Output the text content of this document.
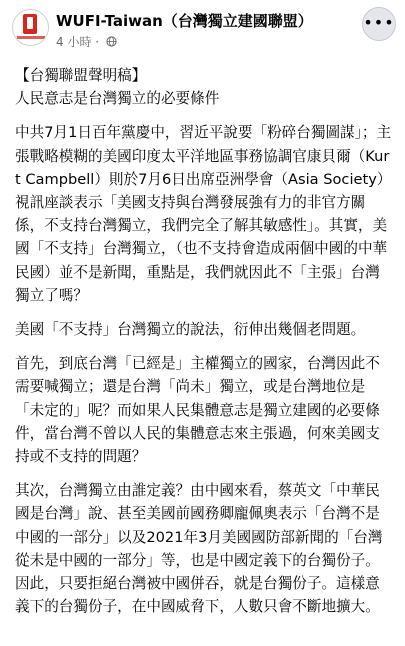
WUFI-Taiwan（台灣獨立建國聯盟）
4 小時 ·
•••

【台獨聯盟聲明稿】
人民意志是台灣獨立的必要條件

中共7月1日百年黨慶中，習近平說要「粉碎台獨圖謀」；主張戰略模糊的美國印度太平洋地區事務協調官康貝爾（Kurt Campbell）則於7月6日出席亞洲學會（Asia Society）視訊座談表示「美國支持與台灣發展強有力的非官方關係，不支持台灣獨立，我們完全了解其敏感性」。其實，美國「不支持」台灣獨立，（也不支持會造成兩個中國的中華民國）並不是新聞，重點是，我們就因此不「主張」台灣獨立了嗎？

美國「不支持」台灣獨立的說法，衍伸出幾個老問題。

首先，到底台灣「已經是」主權獨立的國家，台灣因此不需要喊獨立；還是台灣「尚未」獨立，或是台灣地位是「未定的」呢？而如果人民集體意志是獨立建國的必要條件，當台灣不曾以人民的集體意志來主張過，何來美國支持或不支持的問題？

其次，台灣獨立由誰定義？由中國來看，蔡英文「中華民國是台灣」說、甚至美國前國務卿龐佩奧表示「台灣不是中國的一部分」以及2021年3月美國國防部新聞的「台灣從未是中國的一部分」等，也是中國定義下的台獨份子。因此，只要拒絕台灣被中國併吞，就是台獨份子。這樣意義下的台獨份子，在中國威脅下，人數只會不斷地擴大。
